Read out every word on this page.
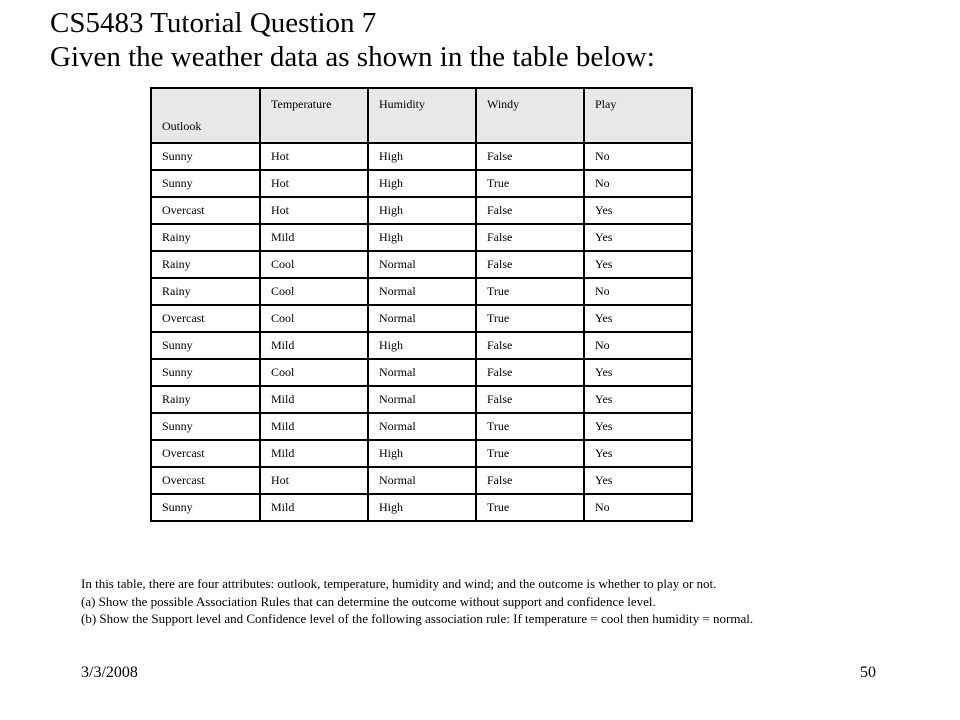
CS5483 Tutorial Question 7
Given the weather data as shown in the table below:
Outlook	Temperature	Humidity	Windy	Play
Sunny	Hot	High	False	No
Sunny	Hot	High	True	No
Overcast	Hot	High	False	Yes
Rainy	Mild	High	False	Yes
Rainy	Cool	Normal	False	Yes
Rainy	Cool	Normal	True	No
Overcast	Cool	Normal	True	Yes
Sunny	Mild	High	False	No
Sunny	Cool	Normal	False	Yes
Rainy	Mild	Normal	False	Yes
Sunny	Mild	Normal	True	Yes
Overcast	Mild	High	True	Yes
Overcast	Hot	Normal	False	Yes
Sunny	Mild	High	True	No

In this table, there are four attributes: outlook, temperature, humidity and wind; and the outcome is whether to play or not.

(a) Show the possible Association Rules that can determine the outcome without support and confidence level.

(b) Show the Support level and Confidence level of the following association rule: If temperature = cool then humidity = normal.

3/3/2008	50
